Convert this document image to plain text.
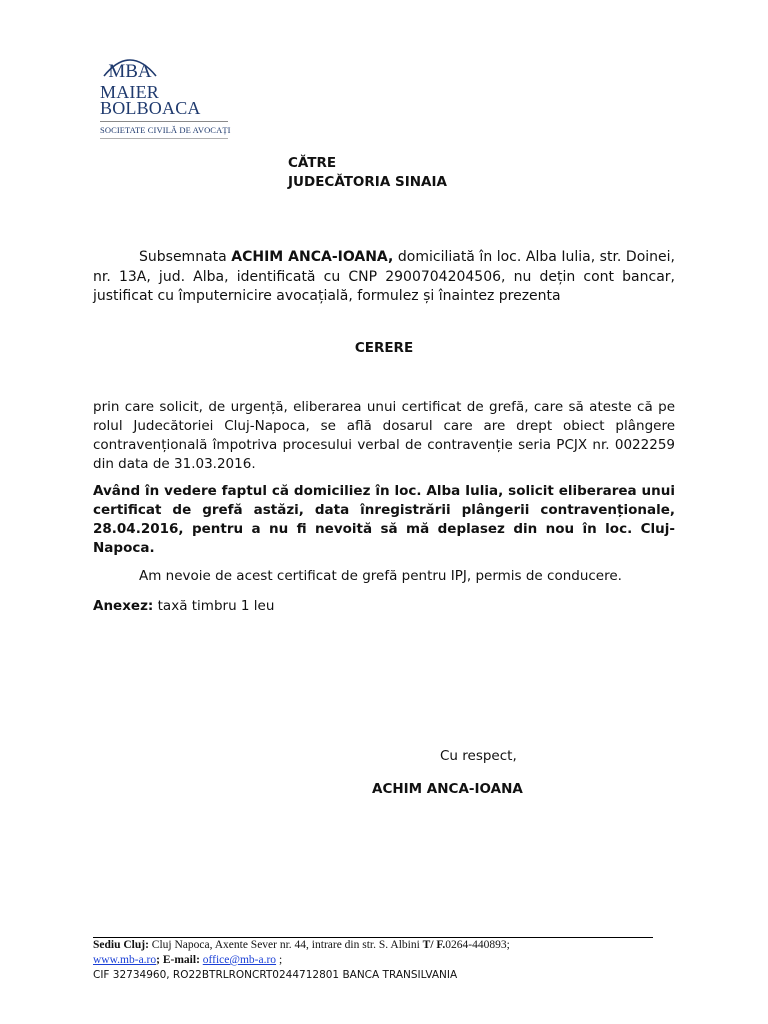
MBA
MAIER
BOLBOACA
SOCIETATE CIVILĂ DE AVOCAȚI
CĂTRE
JUDECĂTORIA SINAIA
Subsemnata ACHIM ANCA-IOANA, domiciliată în loc. Alba Iulia, str. Doinei, nr. 13A, jud. Alba, identificată cu CNP 2900704204506, nu dețin cont bancar, justificat cu împuternicire avocațială, formulez și înaintez prezenta
CERERE
prin care solicit, de urgență, eliberarea unui certificat de grefă, care să ateste că pe rolul Judecătoriei Cluj-Napoca, se află dosarul care are drept obiect plângere contravențională împotriva procesului verbal de contravenție seria PCJX nr. 0022259 din data de 31.03.2016.
Având în vedere faptul că domiciliez în loc. Alba Iulia, solicit eliberarea unui certificat de grefă astăzi, data înregistrării plângerii contravenționale, 28.04.2016, pentru a nu fi nevoită să mă deplasez din nou în loc. Cluj-Napoca.
Am nevoie de acest certificat de grefă pentru IPJ, permis de conducere.
Anexez: taxă timbru 1 leu
Cu respect,
ACHIM ANCA-IOANA
Sediu Cluj: Cluj Napoca, Axente Sever nr. 44, intrare din str. S. Albini T/ F.0264-440893;
www.mb-a.ro; E-mail: office@mb-a.ro ;
CIF 32734960, RO22BTRLRONCRT0244712801 BANCA TRANSILVANIA
